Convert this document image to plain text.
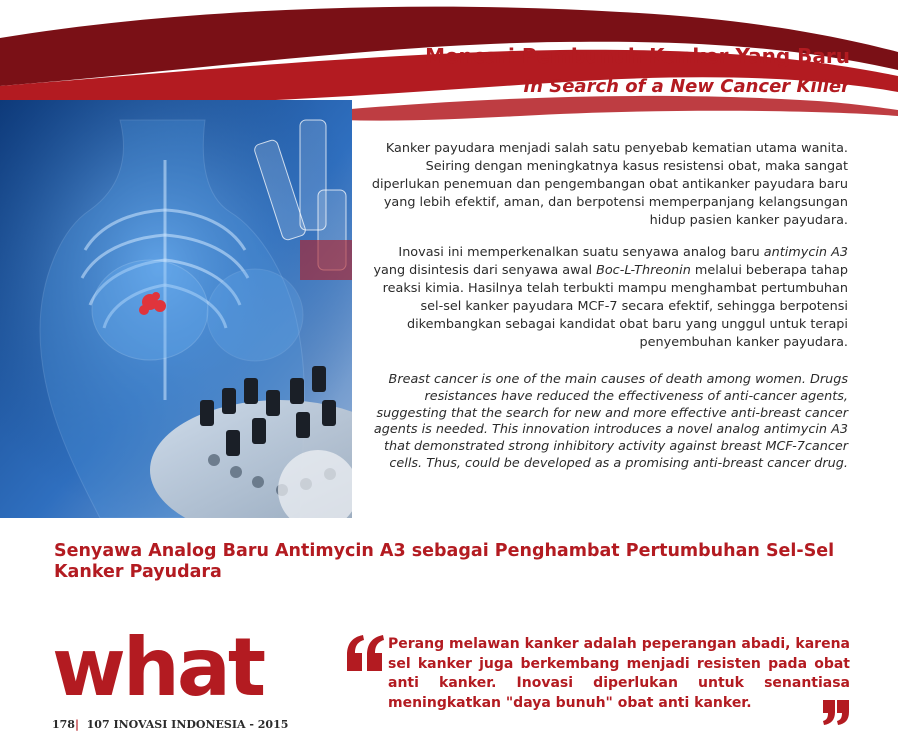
Mencari Pembunuh Kanker Yang Baru
In Search of a New Cancer Killer

Kanker payudara menjadi salah satu penyebab kematian utama wanita. Seiring dengan meningkatnya kasus resistensi obat, maka sangat diperlukan penemuan dan pengembangan obat antikanker payudara baru yang lebih efektif, aman, dan berpotensi memperpanjang kelangsungan hidup pasien kanker payudara.

Inovasi ini memperkenalkan suatu senyawa analog baru antimycin A3 yang disintesis dari senyawa awal Boc-L-Threonin melalui beberapa tahap reaksi kimia. Hasilnya telah terbukti mampu menghambat pertumbuhan sel-sel kanker payudara MCF-7 secara efektif, sehingga berpotensi dikembangkan sebagai kandidat obat baru yang unggul untuk terapi penyembuhan kanker payudara.

Breast cancer is one of the main causes of death among women. Drugs resistances have reduced the effectiveness of anti-cancer agents, suggesting that the search for new and more effective anti-breast cancer agents is needed. This innovation introduces a novel analog antimycin A3 that demonstrated strong inhibitory activity against breast MCF-7cancer cells. Thus, could be developed as a promising anti-breast cancer drug.

Senyawa Analog Baru Antimycin A3 sebagai Penghambat Pertumbuhan Sel-Sel Kanker Payudara
what
178| 107 INOVASI INDONESIA - 2015

Perang melawan kanker adalah peperangan abadi, karena sel kanker juga berkembang menjadi resisten pada obat anti kanker. Inovasi diperlukan untuk senantiasa meningkatkan "daya bunuh" obat anti kanker.
